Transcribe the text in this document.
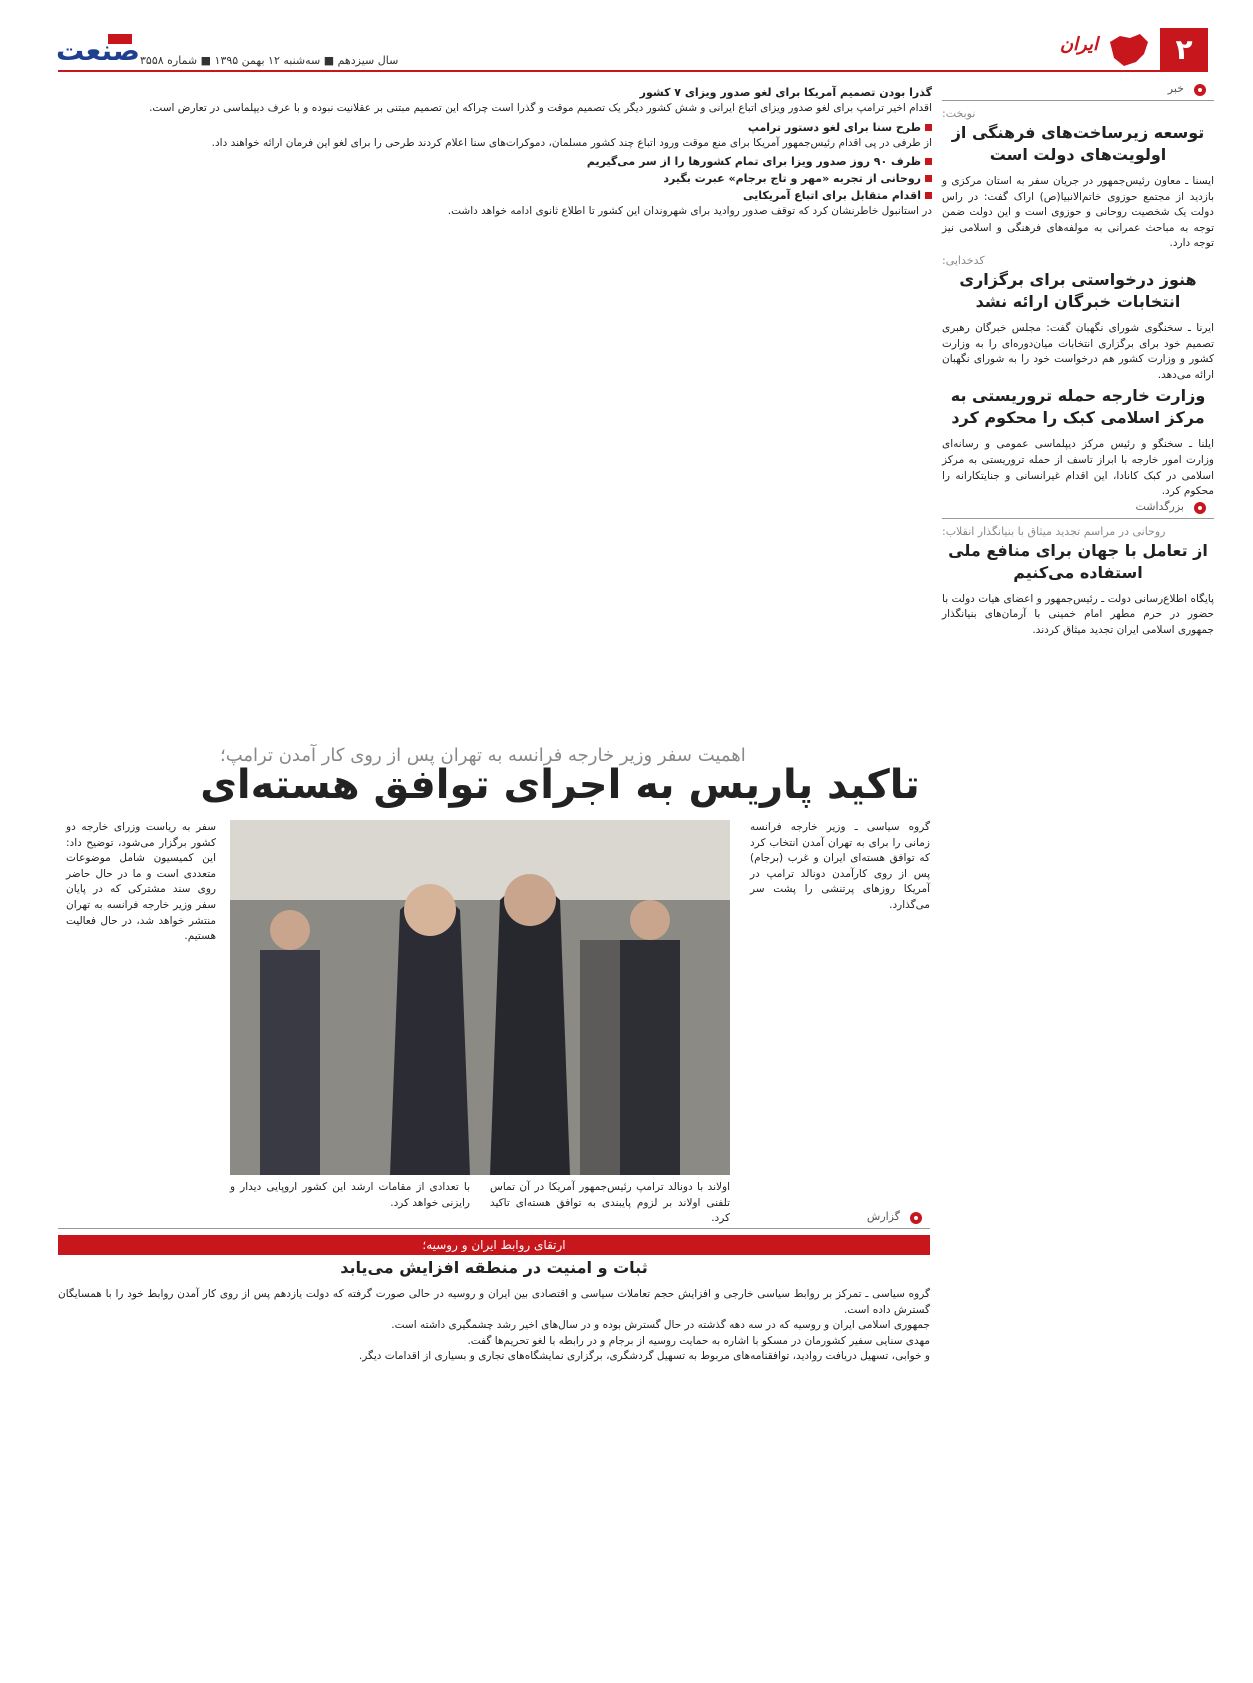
۲
ایران
صنعت سال سیزدهم ■ سه‌شنبه ۱۲ بهمن ۱۳۹۵ ■ شماره ۳۵۵۸
خبر
نوبخت:
توسعه زیرساخت‌های فرهنگی از اولویت‌های دولت است

ایسنا ـ معاون رئیس‌جمهور در جریان سفر به استان مرکزی و بازدید از مجتمع حوزوی خاتم‌الانبیا(ص) اراک گفت: در راس دولت یک شخصیت روحانی و حوزوی است و این دولت ضمن توجه به مباحث عمرانی به مولفه‌های فرهنگی و اسلامی نیز توجه دارد.

کدخدایی:
هنوز درخواستی برای برگزاری انتخابات خبرگان ارائه نشد

ایرنا ـ سخنگوی شورای نگهبان گفت: مجلس خبرگان رهبری تصمیم خود برای برگزاری انتخابات میان‌دوره‌ای را به وزارت کشور و وزارت کشور هم درخواست خود را به شورای نگهبان ارائه می‌دهد.

وزارت خارجه حمله تروریستی به مرکز اسلامی کبک را محکوم کرد

ایلنا ـ سخنگو و رئیس مرکز دیپلماسی عمومی و رسانه‌ای وزارت امور خارجه با ابراز تاسف از حمله تروریستی به مرکز اسلامی در کبک کانادا، این اقدام غیرانسانی و جنایتکارانه را محکوم کرد.

بزرگداشت
روحانی در مراسم تجدید میثاق با بنیانگذار انقلاب:
از تعامل با جهان برای منافع ملی استفاده می‌کنیم

پایگاه اطلاع‌رسانی دولت ـ رئیس‌جمهور و اعضای هیات دولت با حضور در حرم مطهر امام خمینی با آرمان‌های بنیانگذار جمهوری اسلامی ایران تجدید میثاق کردند.

گذرا بودن تصمیم آمریکا برای لغو صدور ویزای ۷ کشور

اقدام اخیر ترامپ برای لغو صدور ویزای اتباع ایرانی و شش کشور دیگر یک تصمیم موقت و گذرا است چراکه این تصمیم مبتنی بر عقلانیت نبوده و با عرف دیپلماسی در تعارض است.

طرح سنا برای لغو دستور ترامپ

از طرفی در پی اقدام رئیس‌جمهور آمریکا برای منع موقت ورود اتباع چند کشور مسلمان، دموکرات‌های سنا اعلام کردند طرحی را برای لغو این فرمان ارائه خواهند داد.

ظرف ۹۰ روز صدور ویزا برای تمام کشورها را از سر می‌گیریم
روحانی از تجربه «مهر و تاج برجام» عبرت بگیرد
اقدام متقابل برای اتباع آمریکایی

در استانبول خاطرنشان کرد که توقف صدور روادید برای شهروندان این کشور تا اطلاع ثانوی ادامه خواهد داشت.

اهمیت سفر وزیر خارجه فرانسه به تهران پس از روی کار آمدن ترامپ؛
تاکید پاریس به اجرای توافق هسته‌ای

گروه سیاسی ـ وزیر خارجه فرانسه زمانی را برای به تهران آمدن انتخاب کرد که توافق هسته‌ای ایران و غرب (برجام) پس از روی کارآمدن دونالد ترامپ در آمریکا روزهای پرتنشی را پشت سر می‌گذارد.

سفر به ریاست وزرای خارجه دو کشور برگزار می‌شود، توضیح داد: این کمیسیون شامل موضوعات متعددی است و ما در حال حاضر روی سند مشترکی که در پایان سفر وزیر خارجه فرانسه به تهران منتشر خواهد شد، در حال فعالیت هستیم.

اولاند با دونالد ترامپ رئیس‌جمهور آمریکا در آن تماس تلفنی اولاند بر لزوم پایبندی به توافق هسته‌ای تاکید کرد.

با تعدادی از مقامات ارشد این کشور اروپایی دیدار و رایزنی خواهد کرد.

گزارش
ارتقای روابط ایران و روسیه؛
ثبات و امنیت در منطقه افزایش می‌یابد

گروه سیاسی ـ تمرکز بر روابط سیاسی خارجی و افزایش حجم تعاملات سیاسی و اقتصادی بین ایران و روسیه در حالی صورت گرفته که دولت یازدهم پس از روی کار آمدن روابط خود را با همسایگان گسترش داده است.

جمهوری اسلامی ایران و روسیه که در سه دهه گذشته در حال گسترش بوده و در سال‌های اخیر رشد چشمگیری داشته است.

مهدی سنایی سفیر کشورمان در مسکو با اشاره به حمایت روسیه از برجام و در رابطه با لغو تحریم‌ها گفت.

و خوابی، تسهیل دریافت روادید، توافقنامه‌های مربوط به تسهیل گردشگری، برگزاری نمایشگاه‌های تجاری و بسیاری از اقدامات دیگر.
